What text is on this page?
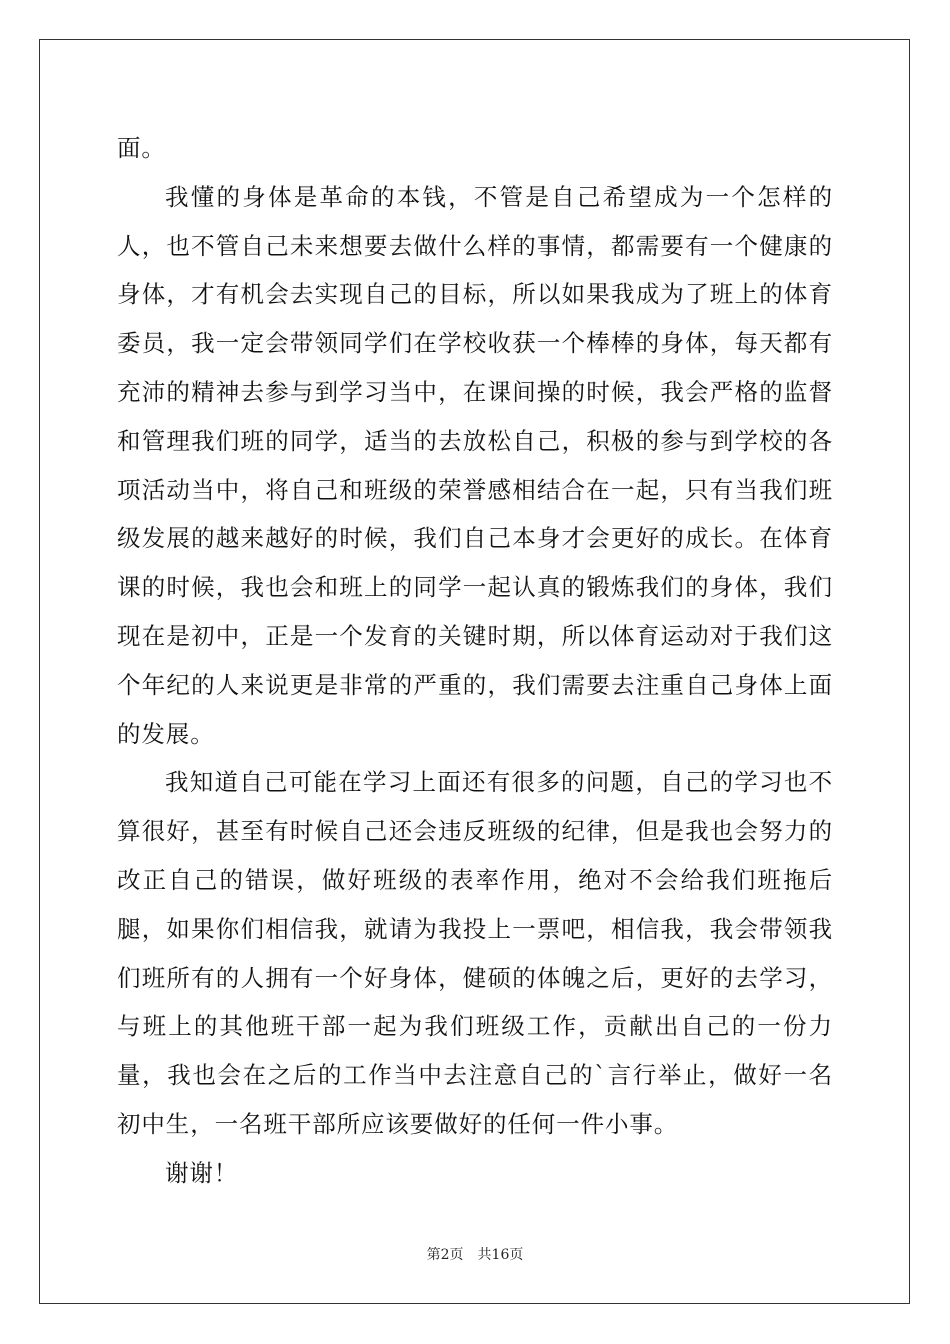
面。

我懂的身体是革命的本钱，不管是自己希望成为一个怎样的人，也不管自己未来想要去做什么样的事情，都需要有一个健康的身体，才有机会去实现自己的目标，所以如果我成为了班上的体育委员，我一定会带领同学们在学校收获一个棒棒的身体，每天都有充沛的精神去参与到学习当中，在课间操的时候，我会严格的监督和管理我们班的同学，适当的去放松自己，积极的参与到学校的各项活动当中，将自己和班级的荣誉感相结合在一起，只有当我们班级发展的越来越好的时候，我们自己本身才会更好的成长。在体育课的时候，我也会和班上的同学一起认真的锻炼我们的身体，我们现在是初中，正是一个发育的关键时期，所以体育运动对于我们这个年纪的人来说更是非常的严重的，我们需要去注重自己身体上面的发展。

我知道自己可能在学习上面还有很多的问题，自己的学习也不算很好，甚至有时候自己还会违反班级的纪律，但是我也会努力的改正自己的错误，做好班级的表率作用，绝对不会给我们班拖后腿，如果你们相信我，就请为我投上一票吧，相信我，我会带领我们班所有的人拥有一个好身体，健硕的体魄之后，更好的去学习，与班上的其他班干部一起为我们班级工作，贡献出自己的一份力量，我也会在之后的工作当中去注意自己的`言行举止，做好一名初中生，一名班干部所应该要做好的任何一件小事。

谢谢！

第2页　共16页
